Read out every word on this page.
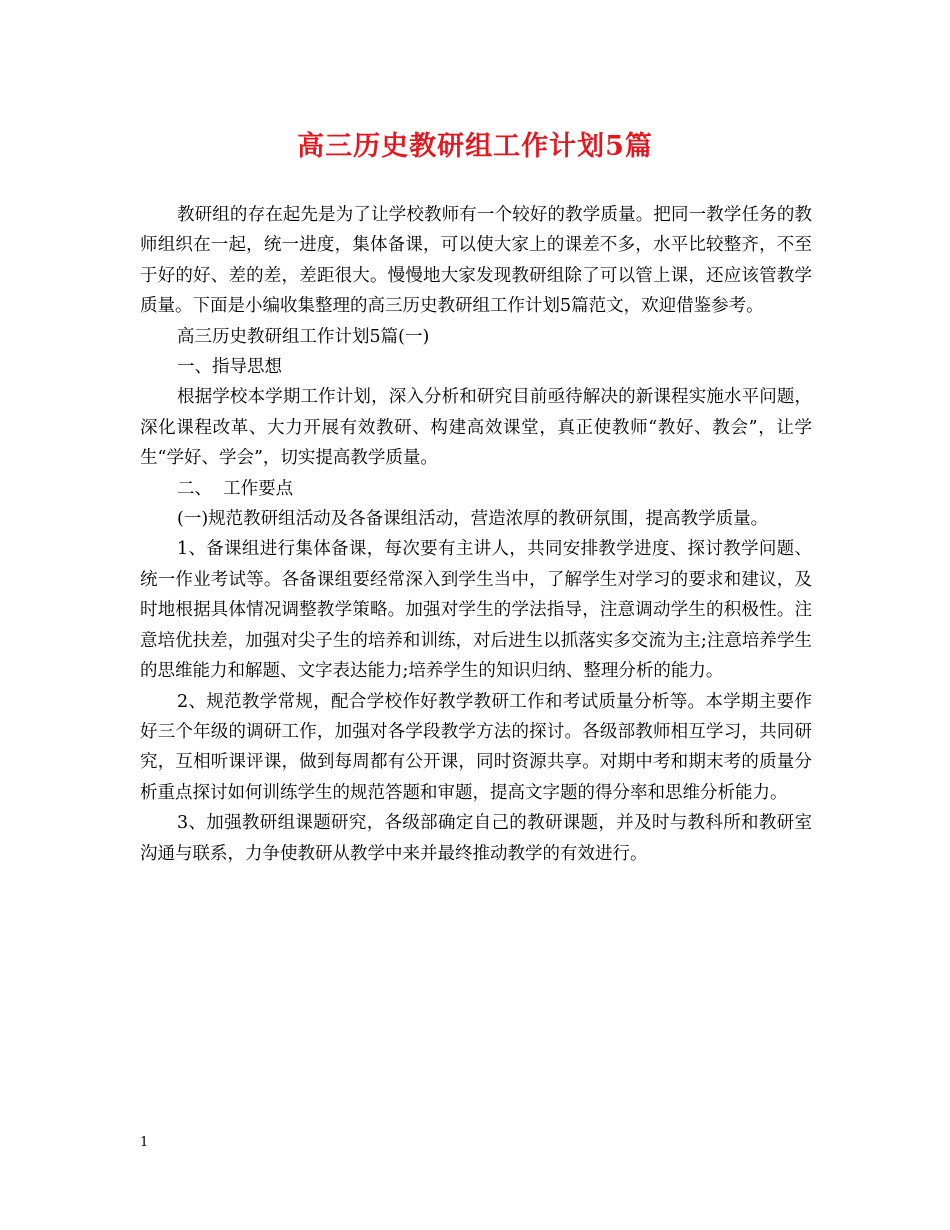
高三历史教研组工作计划5篇

教研组的存在起先是为了让学校教师有一个较好的教学质量。把同一教学任务的教师组织在一起，统一进度，集体备课，可以使大家上的课差不多，水平比较整齐，不至于好的好、差的差，差距很大。慢慢地大家发现教研组除了可以管上课，还应该管教学质量。下面是小编收集整理的高三历史教研组工作计划5篇范文，欢迎借鉴参考。

高三历史教研组工作计划5篇(一)

一、指导思想

根据学校本学期工作计划，深入分析和研究目前亟待解决的新课程实施水平问题，深化课程改革、大力开展有效教研、构建高效课堂，真正使教师“教好、教会”，让学生“学好、学会”，切实提高教学质量。

二、  工作要点

(一)规范教研组活动及各备课组活动，营造浓厚的教研氛围，提高教学质量。

1、备课组进行集体备课，每次要有主讲人，共同安排教学进度、探讨教学问题、统一作业考试等。各备课组要经常深入到学生当中，了解学生对学习的要求和建议，及时地根据具体情况调整教学策略。加强对学生的学法指导，注意调动学生的积极性。注意培优扶差，加强对尖子生的培养和训练，对后进生以抓落实多交流为主;注意培养学生的思维能力和解题、文字表达能力;培养学生的知识归纳、整理分析的能力。

2、规范教学常规，配合学校作好教学教研工作和考试质量分析等。本学期主要作好三个年级的调研工作，加强对各学段教学方法的探讨。各级部教师相互学习，共同研究，互相听课评课，做到每周都有公开课，同时资源共享。对期中考和期末考的质量分析重点探讨如何训练学生的规范答题和审题，提高文字题的得分率和思维分析能力。

3、加强教研组课题研究，各级部确定自己的教研课题，并及时与教科所和教研室沟通与联系，力争使教研从教学中来并最终推动教学的有效进行。

1
